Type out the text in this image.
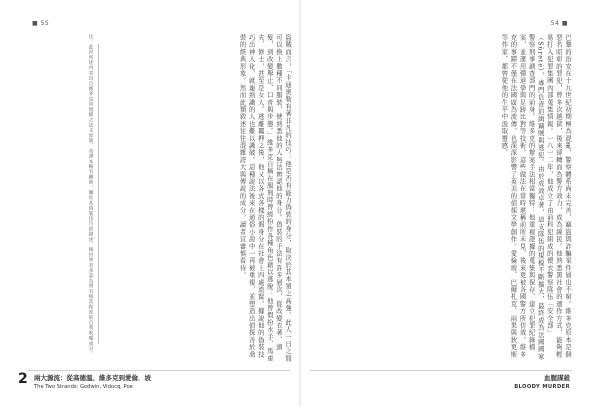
■ 55	54 ■
盜賊而言，「卡迪奧勒有著非凡的技巧：他是否有能力偽裝的身分，取決於其本領之高強。此人一日之間可以換上數種不同服裝，使熟悉他的人無法辨認他的身分。偽裝的手法有許多層次，從改變衣著、頭髮，到改變舉止、口音與步態。」維多克自稱在服刑時曾經扮作各種角色藉以逃脫：他曾假扮水手、馬車夫、修士，甚至是女人。逃離羈押之後，他又以各式各樣的假身分在社會上四處流竄。據說他的偽裝技巧出神入化，就連熟識的人也難以識破。這種說法後來在通俗小說中一再被重複，並塑造出偵探善於喬裝的經典形象。然而此類敘述往往混雜誇大與傳說的成分，讀者宜審慎看待。
注：此段所述內容出自維多克回憶錄之法文原版，英譯本略有刪節。關於其偽裝技巧的描述，後世學者多認為帶有相當程度的自我吹噓成分。	巴黎的治安在十九世紀初期極為混亂，警察體系尚未完善，竊盜與詐騙案件層出不窮。維多克原本是個惡名昭彰的罪犯，曾多次越獄，後來卻轉而為警方效力，成為線民。他熟悉黑社會的運作方式，能夠輕易打入犯罪集團內部蒐集情報。一八一二年，他成立了由前科犯組成的便衣警察隊伍「安全部」（Sûreté），專門負責追緝竊賊與逃犯。由於成效卓著，這支隊伍的規模不斷擴大，最終成為法國國家警察刑事調查部門的前身。維多克的辦案手法相當獨特：他重視證據的蒐集與保存，建立犯罪紀錄檔案，並運用彈道學與足跡比對等技術。這些做法在當時堪稱前所未見，後來更被各國警方所仿效。維多克的事蹟不僅在法國廣為流傳，也深深影響了英美的偵探文學創作。愛倫坡、巴爾札克、雨果與狄更斯等作家，都曾從他的生平中汲取靈感。
2 兩大源流：從高德溫、維多克到愛倫．坡
The Two Strands: Godwin, Vidocq, Poe
血腥謀殺
BLOODY MURDER
